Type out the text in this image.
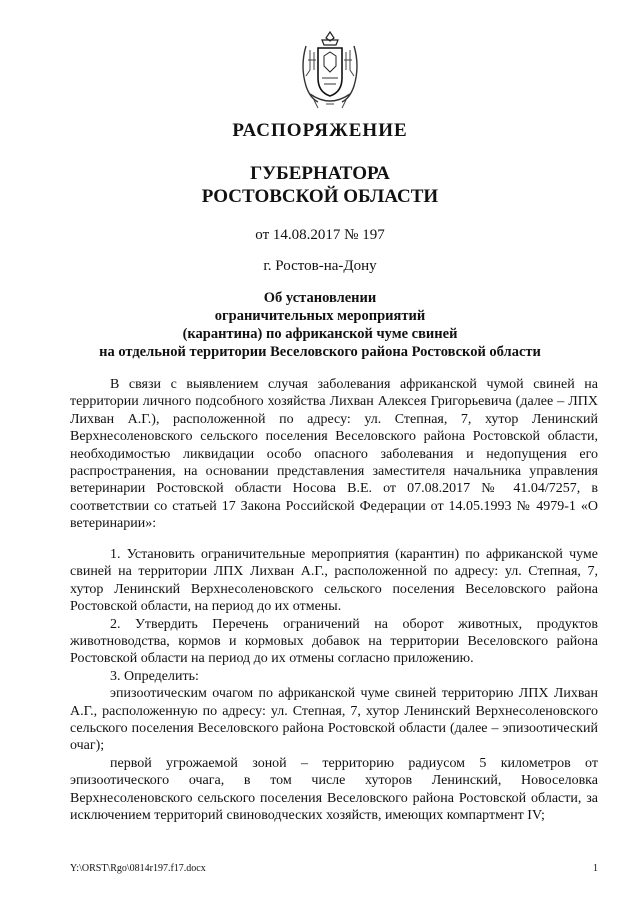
РАСПОРЯЖЕНИЕ
ГУБЕРНАТОРА
РОСТОВСКОЙ ОБЛАСТИ
от 14.08.2017 № 197
г. Ростов-на-Дону
Об установлении
ограничительных мероприятий
(карантина) по африканской чуме свиней
на отдельной территории Веселовского района Ростовской области

В связи с выявлением случая заболевания африканской чумой свиней на территории личного подсобного хозяйства Лихван Алексея Григорьевича (далее – ЛПХ Лихван А.Г.), расположенной по адресу: ул. Степная, 7, хутор Ленинский Верхнесоленовского сельского поселения Веселовского района Ростовской области, необходимостью ликвидации особо опасного заболевания и недопущения его распространения, на основании представления заместителя начальника управления ветеринарии Ростовской области Носова В.Е. от 07.08.2017 № 41.04/7257, в соответствии со статьей 17 Закона Российской Федерации от 14.05.1993 № 4979-1 «О ветеринарии»:

1. Установить ограничительные мероприятия (карантин) по африканской чуме свиней на территории ЛПХ Лихван А.Г., расположенной по адресу: ул. Степная, 7, хутор Ленинский Верхнесоленовского сельского поселения Веселовского района Ростовской области, на период до их отмены.

2. Утвердить Перечень ограничений на оборот животных, продуктов животноводства, кормов и кормовых добавок на территории Веселовского района Ростовской области на период до их отмены согласно приложению.

3. Определить:

эпизоотическим очагом по африканской чуме свиней территорию ЛПХ Лихван А.Г., расположенную по адресу: ул. Степная, 7, хутор Ленинский Верхнесоленовского сельского поселения Веселовского района Ростовской области (далее – эпизоотический очаг);

первой угрожаемой зоной – территорию радиусом 5 километров от эпизоотического очага, в том числе хуторов Ленинский, Новоселовка Верхнесоленовского сельского поселения Веселовского района Ростовской области, за исключением территорий свиноводческих хозяйств, имеющих компартмент IV;

Y:\ORST\Rgo\0814r197.f17.docx	1
